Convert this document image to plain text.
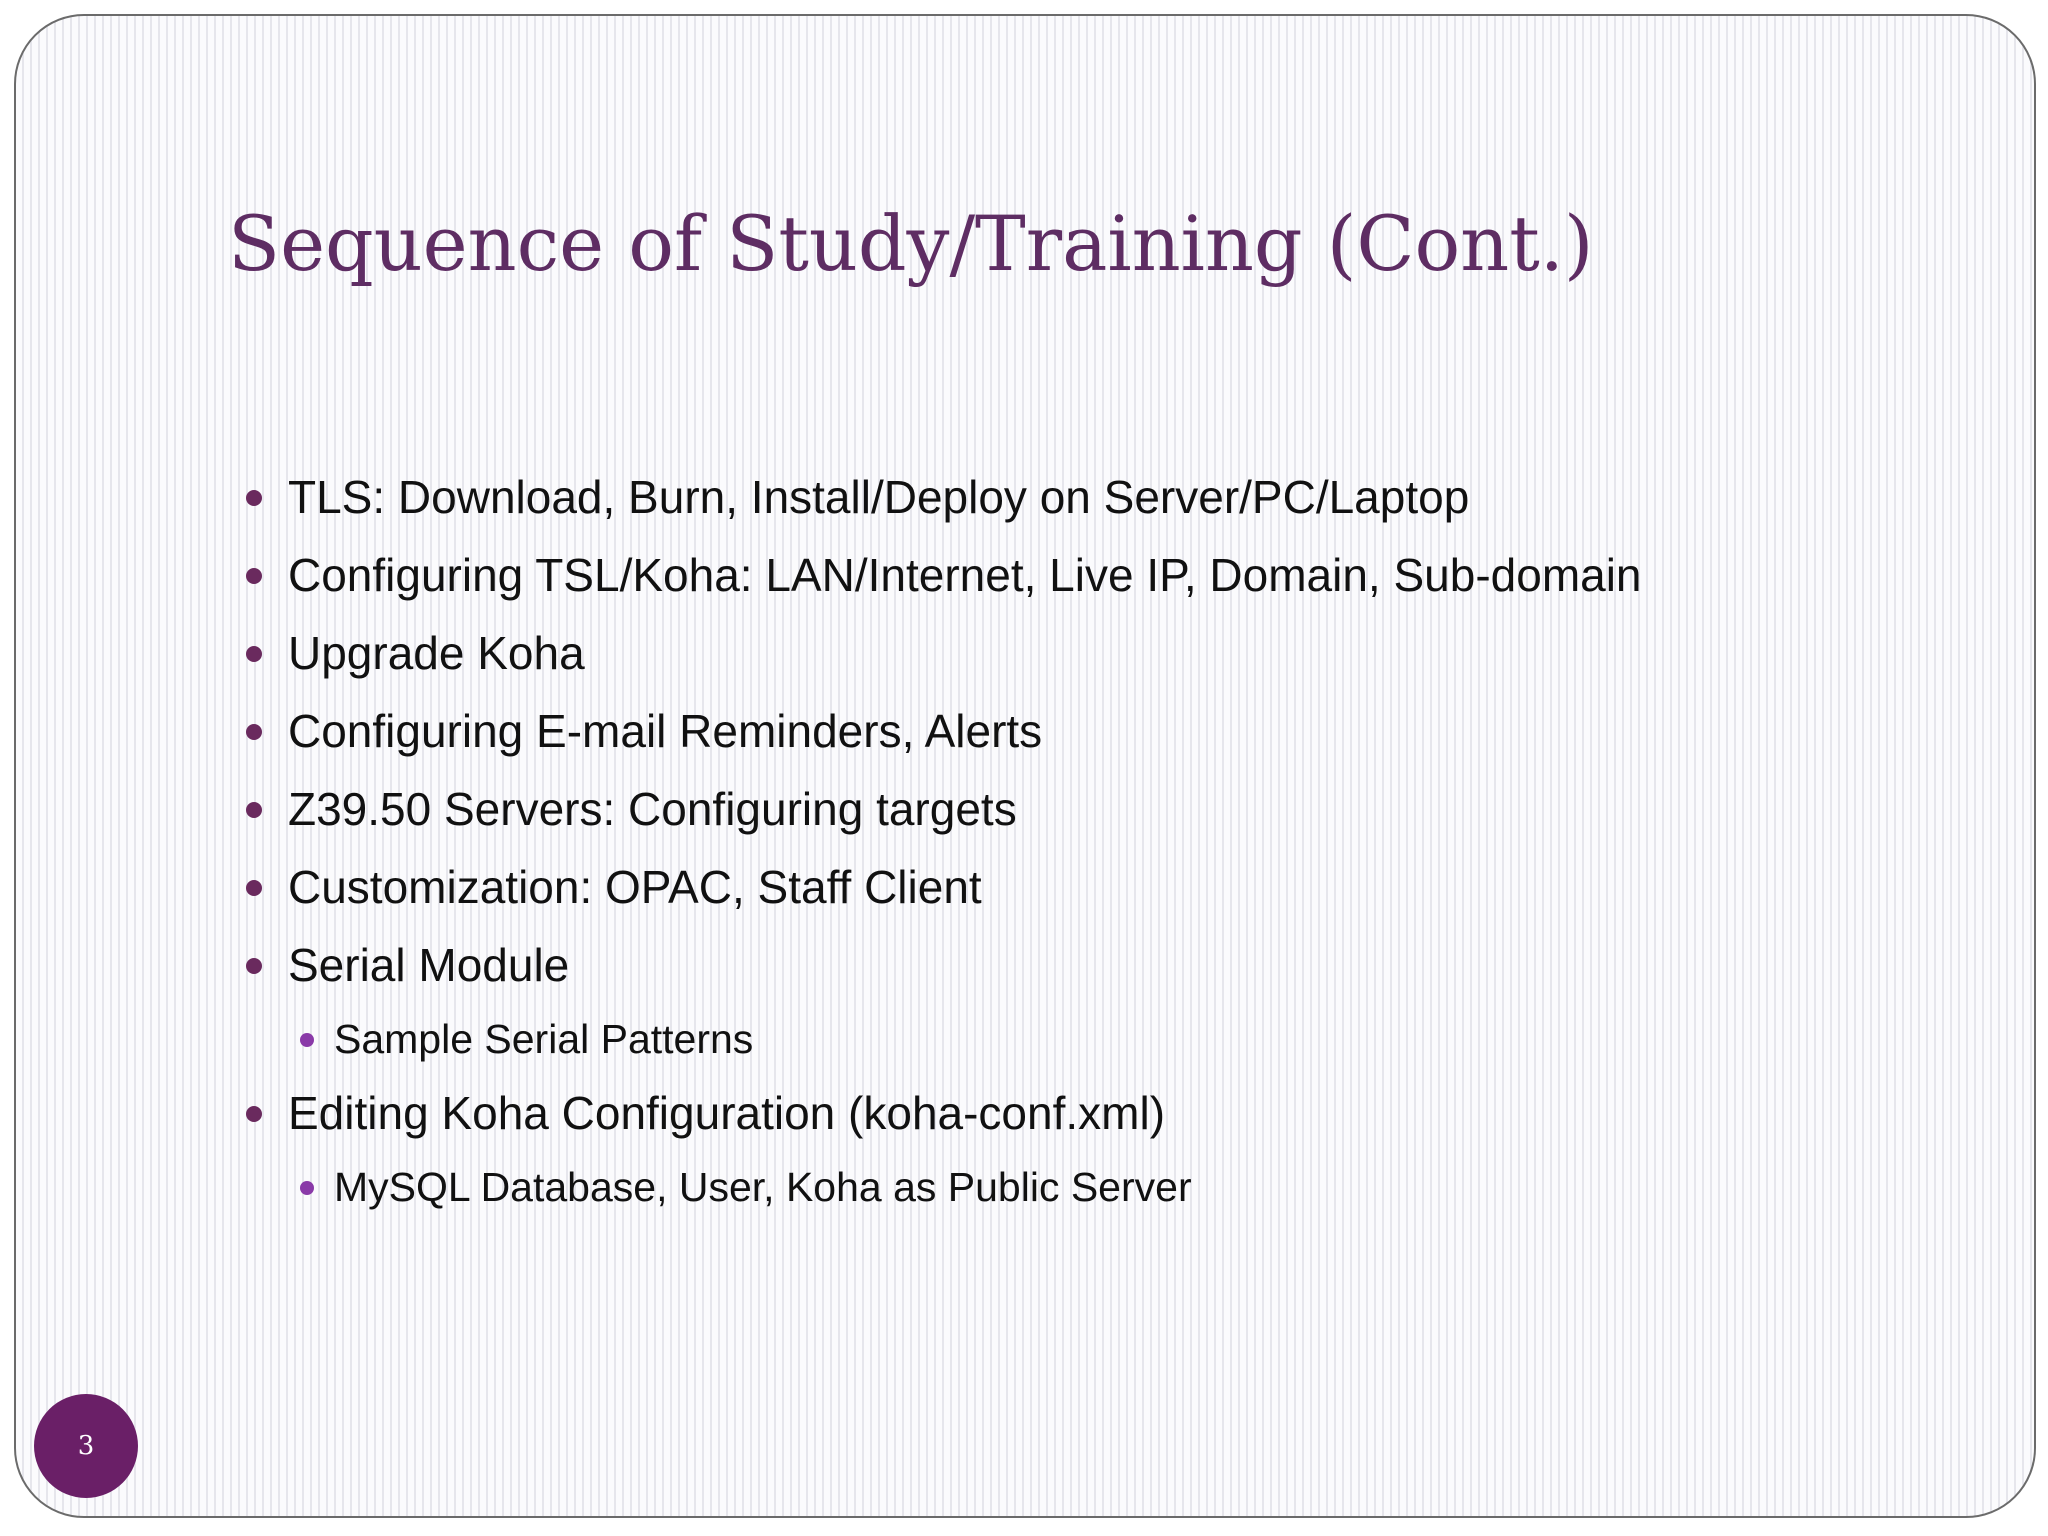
Sequence of Study/Training (Cont.)
TLS: Download, Burn, Install/Deploy on Server/PC/Laptop
Configuring TSL/Koha: LAN/Internet, Live IP, Domain, Sub-domain
Upgrade Koha
Configuring E-mail Reminders, Alerts
Z39.50 Servers: Configuring targets
Customization: OPAC, Staff Client
Serial Module
Sample Serial Patterns
Editing Koha Configuration (koha-conf.xml)
MySQL Database, User, Koha as Public Server
3
